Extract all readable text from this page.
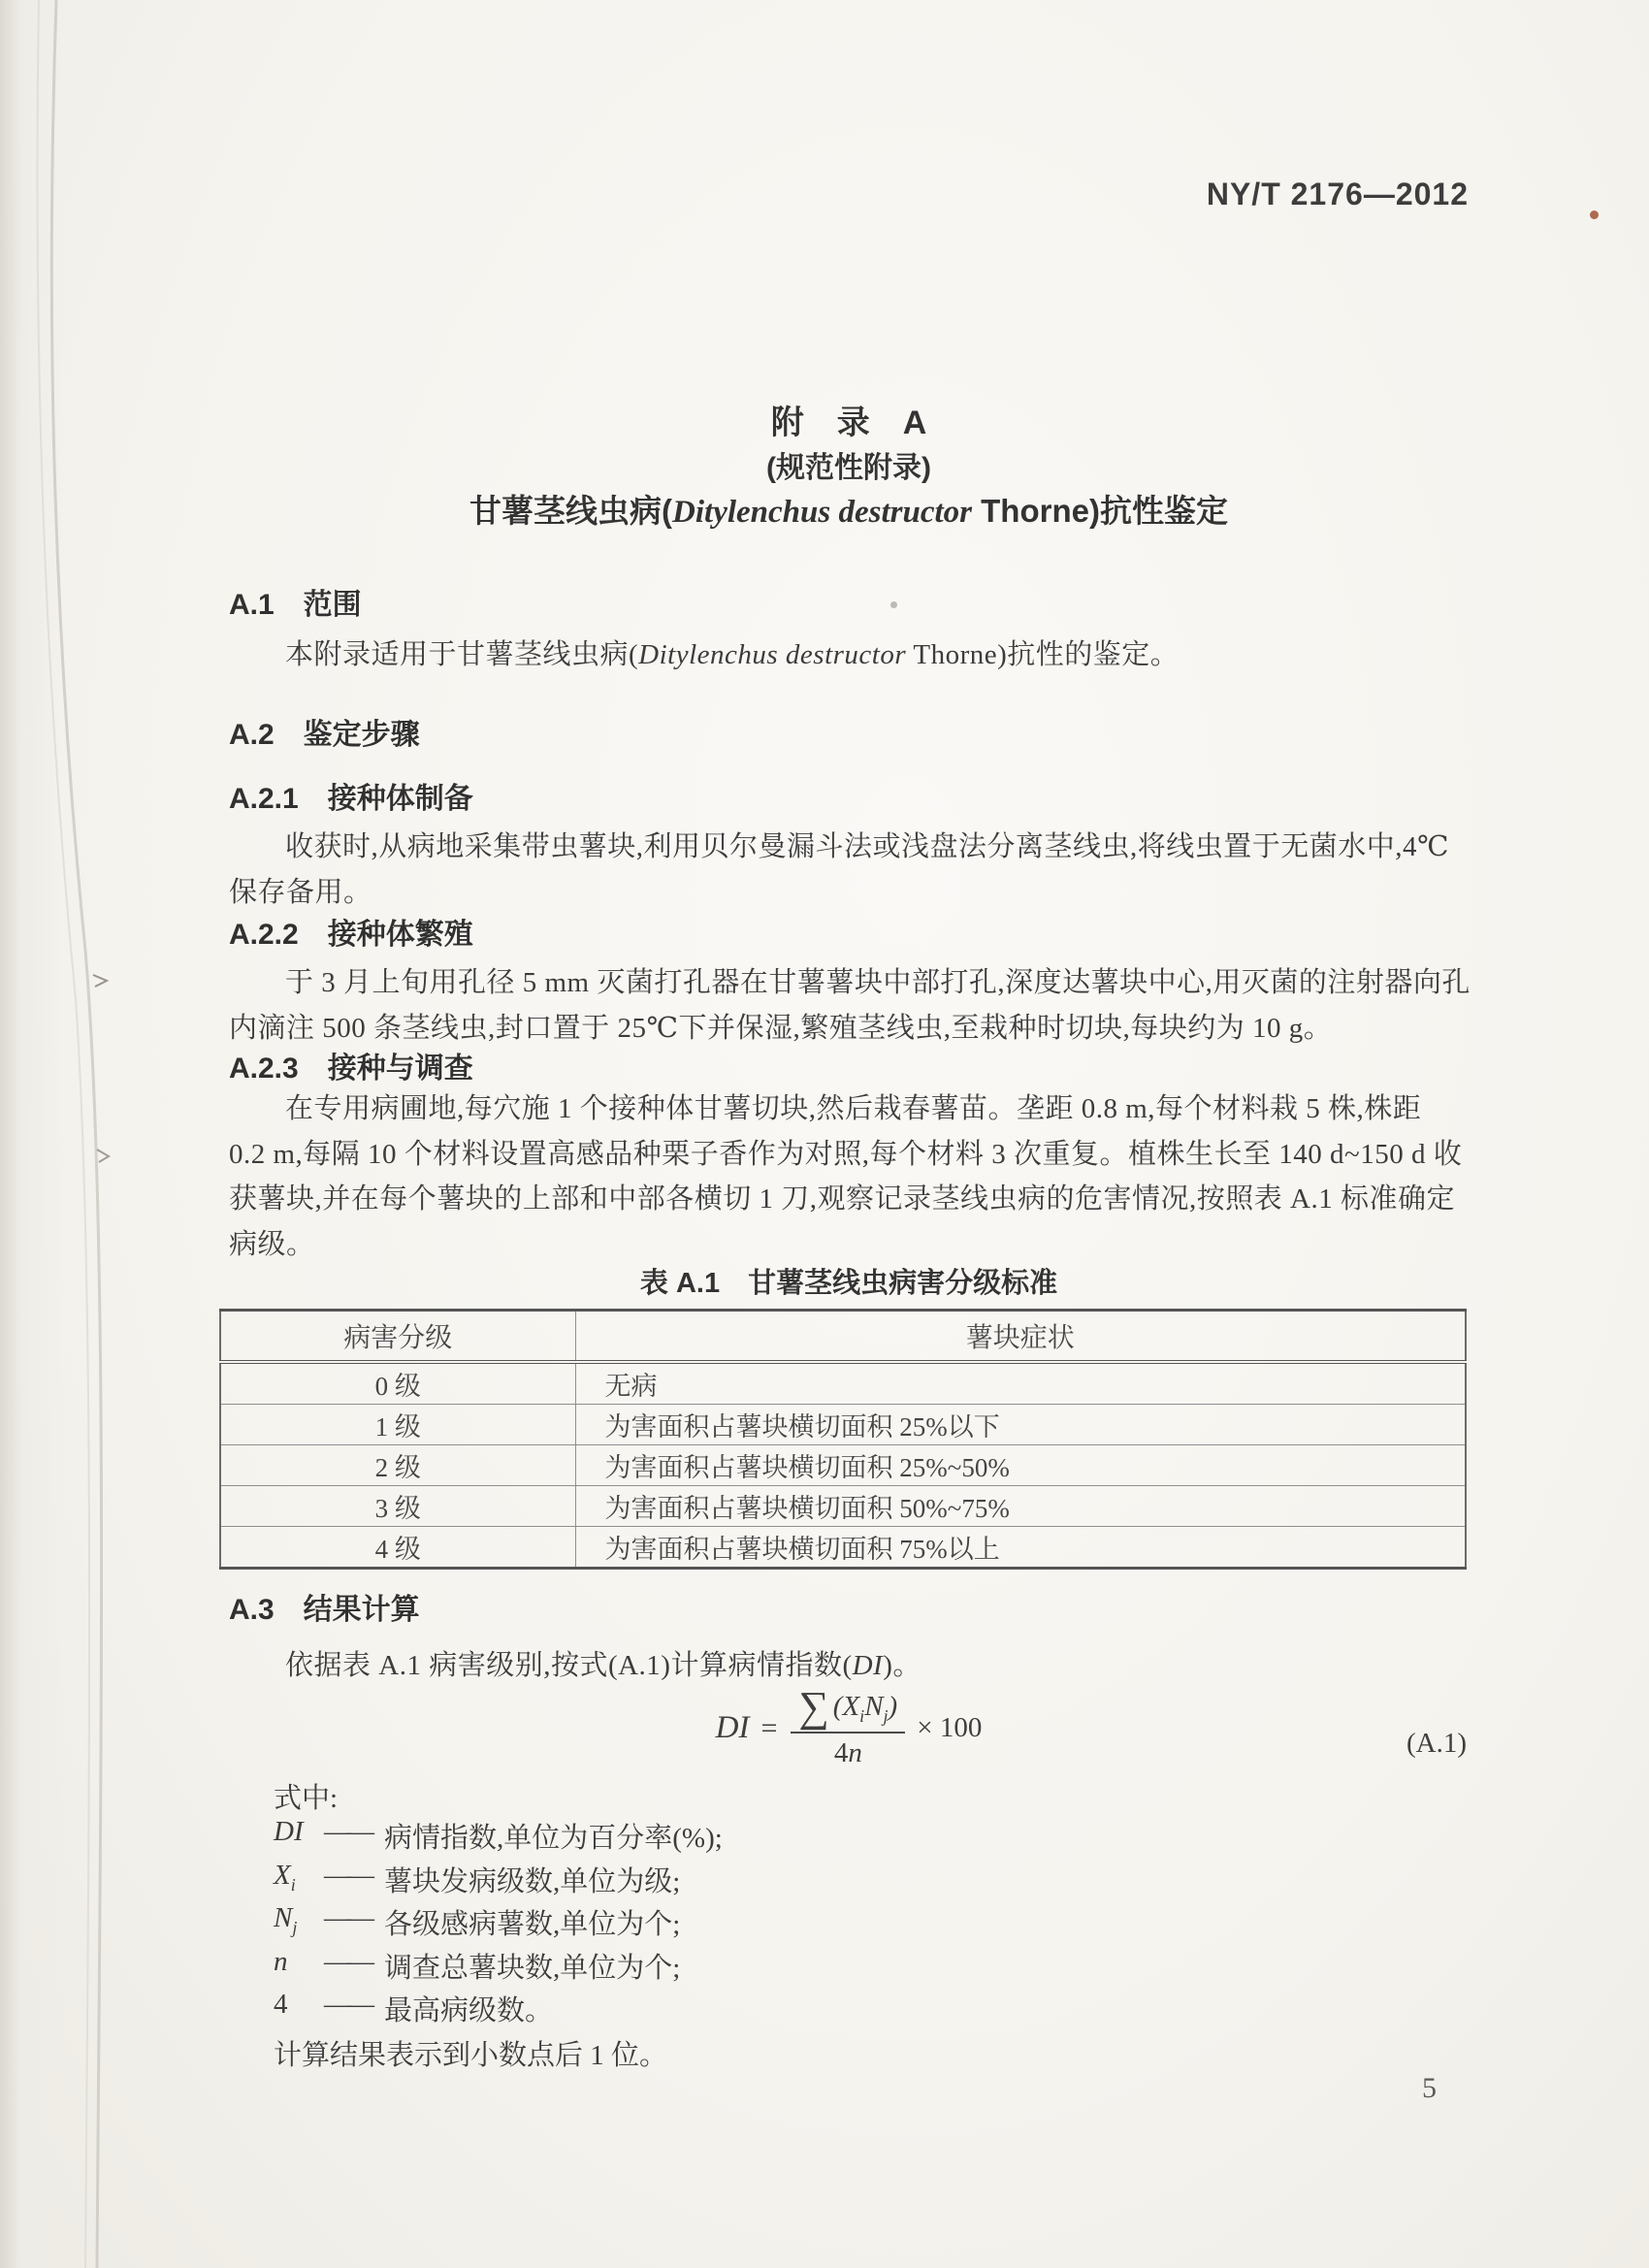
NY/T 2176—2012
附　录　A
(规范性附录)
甘薯茎线虫病(Ditylenchus destructor Thorne)抗性鉴定
A.1　范围
本附录适用于甘薯茎线虫病(Ditylenchus destructor Thorne)抗性的鉴定。
A.2　鉴定步骤
A.2.1　接种体制备
收获时,从病地采集带虫薯块,利用贝尔曼漏斗法或浅盘法分离茎线虫,将线虫置于无菌水中,4℃
保存备用。
A.2.2　接种体繁殖
于 3 月上旬用孔径 5 mm 灭菌打孔器在甘薯薯块中部打孔,深度达薯块中心,用灭菌的注射器向孔
内滴注 500 条茎线虫,封口置于 25℃下并保湿,繁殖茎线虫,至栽种时切块,每块约为 10 g。
A.2.3　接种与调查
在专用病圃地,每穴施 1 个接种体甘薯切块,然后栽春薯苗。垄距 0.8 m,每个材料栽 5 株,株距
0.2 m,每隔 10 个材料设置高感品种栗子香作为对照,每个材料 3 次重复。植株生长至 140 d~150 d 收
获薯块,并在每个薯块的上部和中部各横切 1 刀,观察记录茎线虫病的危害情况,按照表 A.1 标准确定
病级。
表 A.1　甘薯茎线虫病害分级标准
病害分级	薯块症状
0 级	无病
1 级	为害面积占薯块横切面积 25%以下
2 级	为害面积占薯块横切面积 25%~50%
3 级	为害面积占薯块横切面积 50%~75%
4 级	为害面积占薯块横切面积 75%以上
A.3　结果计算
依据表 A.1 病害级别,按式(A.1)计算病情指数(DI)。
DI = $\frac{\sum (X_iN_j)}{4n} \times 100$	(A.1)
式中:
DI —— 病情指数,单位为百分率(%);
$X_i$	—— 薯块发病级数,单位为级;
$N_j$ —— 各级感病薯数,单位为个;
n	—— 调查总薯块数,单位为个;
4	—— 最高病级数。
计算结果表示到小数点后 1 位。
5
